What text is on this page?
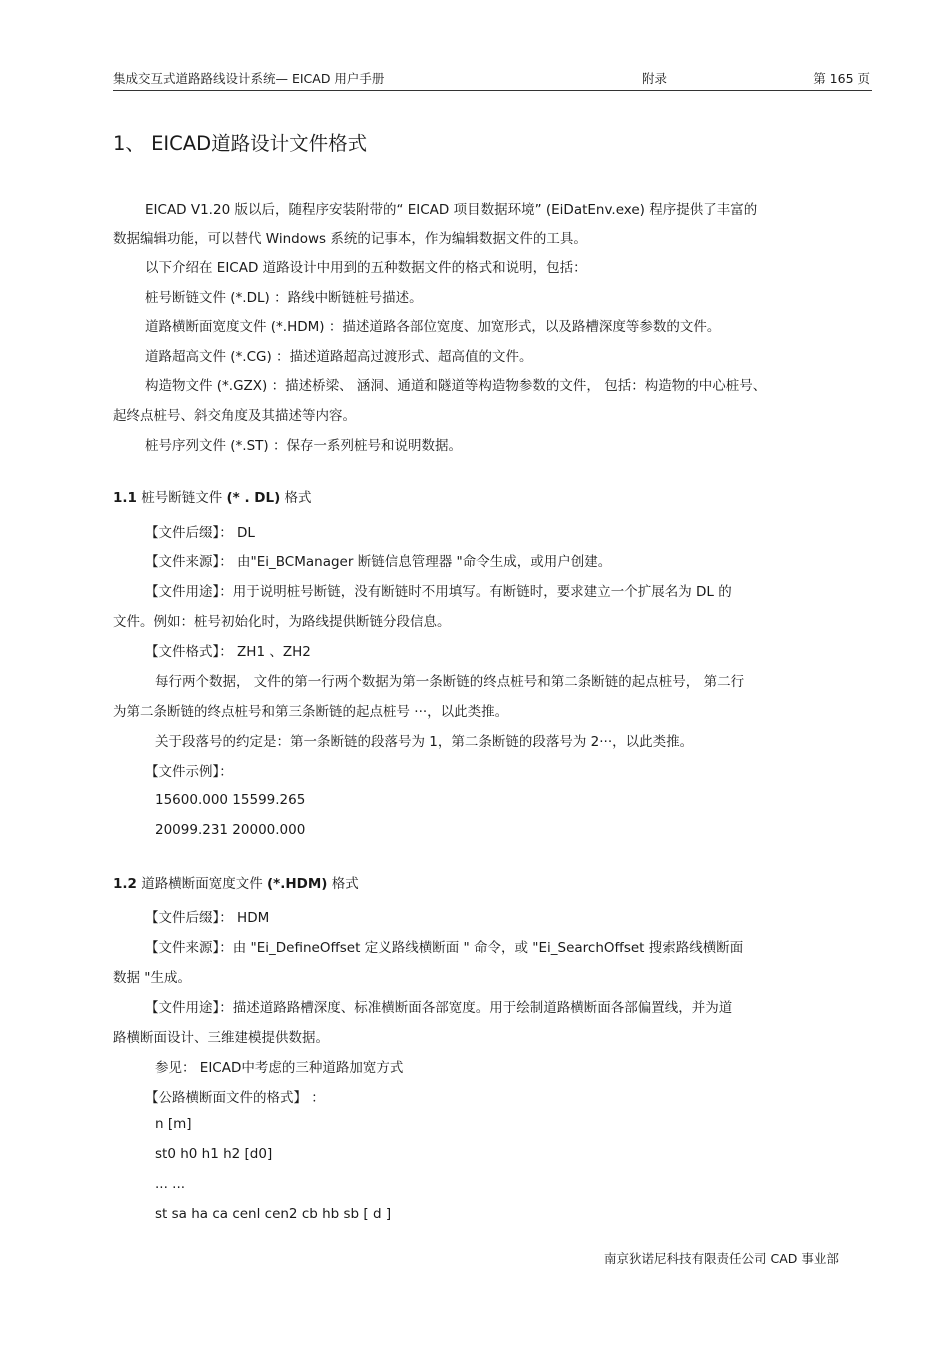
集成交互式道路路线设计系统— EICAD 用户手册	附录	第 165 页
1、 EICAD道路设计文件格式
EICAD V1.20 版以后，随程序安装附带的“ EICAD 项目数据环境” (EiDatEnv.exe) 程序提供了丰富的
数据编辑功能，可以替代 Windows 系统的记事本，作为编辑数据文件的工具。
以下介绍在 EICAD 道路设计中用到的五种数据文件的格式和说明，包括：
桩号断链文件 (*.DL) ：路线中断链桩号描述。
道路横断面宽度文件 (*.HDM) ：描述道路各部位宽度、加宽形式，以及路槽深度等参数的文件。
道路超高文件 (*.CG) ：描述道路超高过渡形式、超高值的文件。
构造物文件 (*.GZX) ：描述桥梁、 涵洞、通道和隧道等构造物参数的文件， 包括：构造物的中心桩号、
起终点桩号、斜交角度及其描述等内容。
桩号序列文件 (*.ST) ：保存一系列桩号和说明数据。
1.1 桩号断链文件 (* . DL) 格式
【文件后缀】： DL
【文件来源】： 由"Ei_BCManager 断链信息管理器 "命令生成，或用户创建。
【文件用途】：用于说明桩号断链，没有断链时不用填写。有断链时，要求建立一个扩展名为 DL 的
文件。例如：桩号初始化时，为路线提供断链分段信息。
【文件格式】： ZH1 、ZH2
每行两个数据， 文件的第一行两个数据为第一条断链的终点桩号和第二条断链的起点桩号， 第二行
为第二条断链的终点桩号和第三条断链的起点桩号 ···，以此类推。
关于段落号的约定是：第一条断链的段落号为 1，第二条断链的段落号为 2···，以此类推。
【文件示例】：
15600.000 15599.265
20099.231 20000.000
1.2 道路横断面宽度文件 (*.HDM) 格式
【文件后缀】： HDM
【文件来源】：由 "Ei_DefineOffset 定义路线横断面 " 命令，或 "Ei_SearchOffset 搜索路线横断面
数据 "生成。
【文件用途】：描述道路路槽深度、标准横断面各部宽度。用于绘制道路横断面各部偏置线，并为道
路横断面设计、三维建模提供数据。
参见： EICAD中考虑的三种道路加宽方式
【公路横断面文件的格式】 ：
n [m]
st0 h0 h1 h2 [d0]
... ...
st sa ha ca cenl cen2 cb hb sb [ d ]
南京狄诺尼科技有限责任公司 CAD 事业部
